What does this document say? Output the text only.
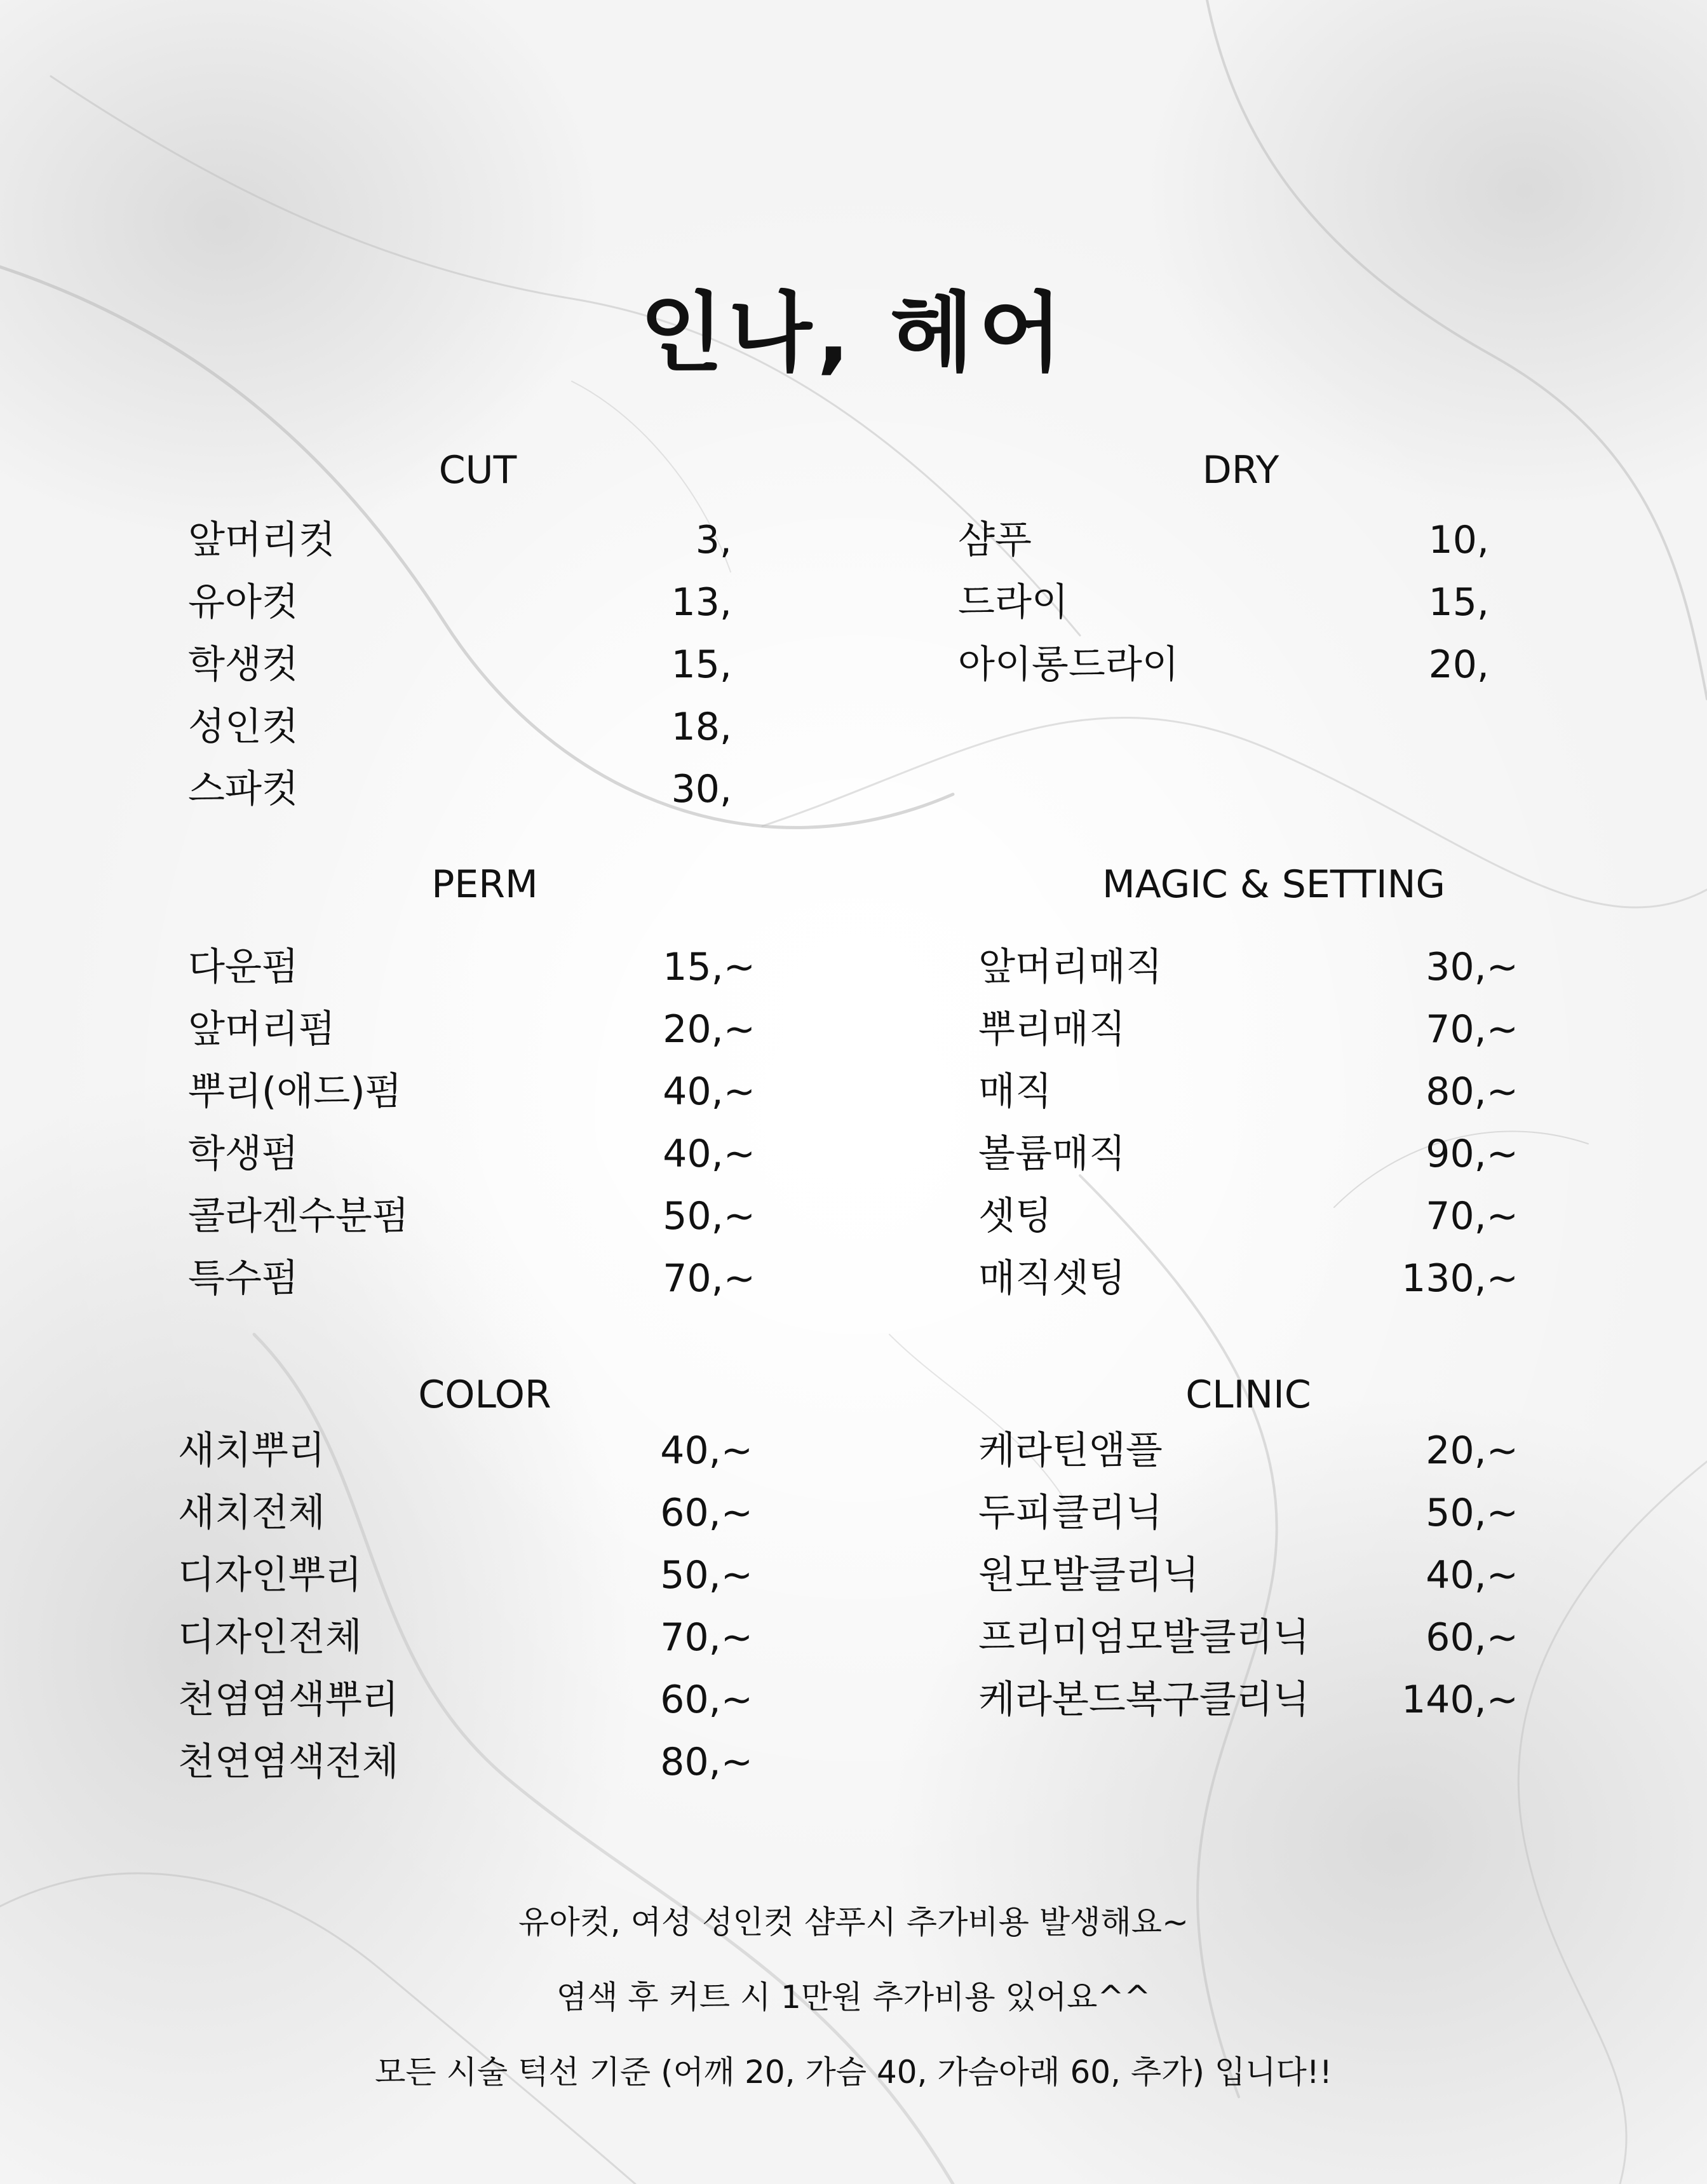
인나, 헤어
CUT
앞머리컷	3,
유아컷	13,
학생컷	15,
성인컷	18,
스파컷	30,
DRY
샴푸	10,
드라이	15,
아이롱드라이	20,
PERM
다운펌	15,~
앞머리펌	20,~
뿌리(애드)펌	40,~
학생펌	40,~
콜라겐수분펌	50,~
특수펌	70,~
MAGIC & SETTING
앞머리매직	30,~
뿌리매직	70,~
매직	80,~
볼륨매직	90,~
셋팅	70,~
매직셋팅	130,~
COLOR
새치뿌리	40,~
새치전체	60,~
디자인뿌리	50,~
디자인전체	70,~
천염염색뿌리	60,~
천연염색전체	80,~
CLINIC
케라틴앰플	20,~
두피클리닉	50,~
원모발클리닉	40,~
프리미엄모발클리닉	60,~
케라본드복구클리닉 140,~
유아컷, 여성 성인컷 샴푸시 추가비용 발생해요~
염색 후 커트 시 1만원 추가비용 있어요^^
모든 시술 턱선 기준 (어깨 20, 가슴 40, 가슴아래 60, 추가) 입니다!!
